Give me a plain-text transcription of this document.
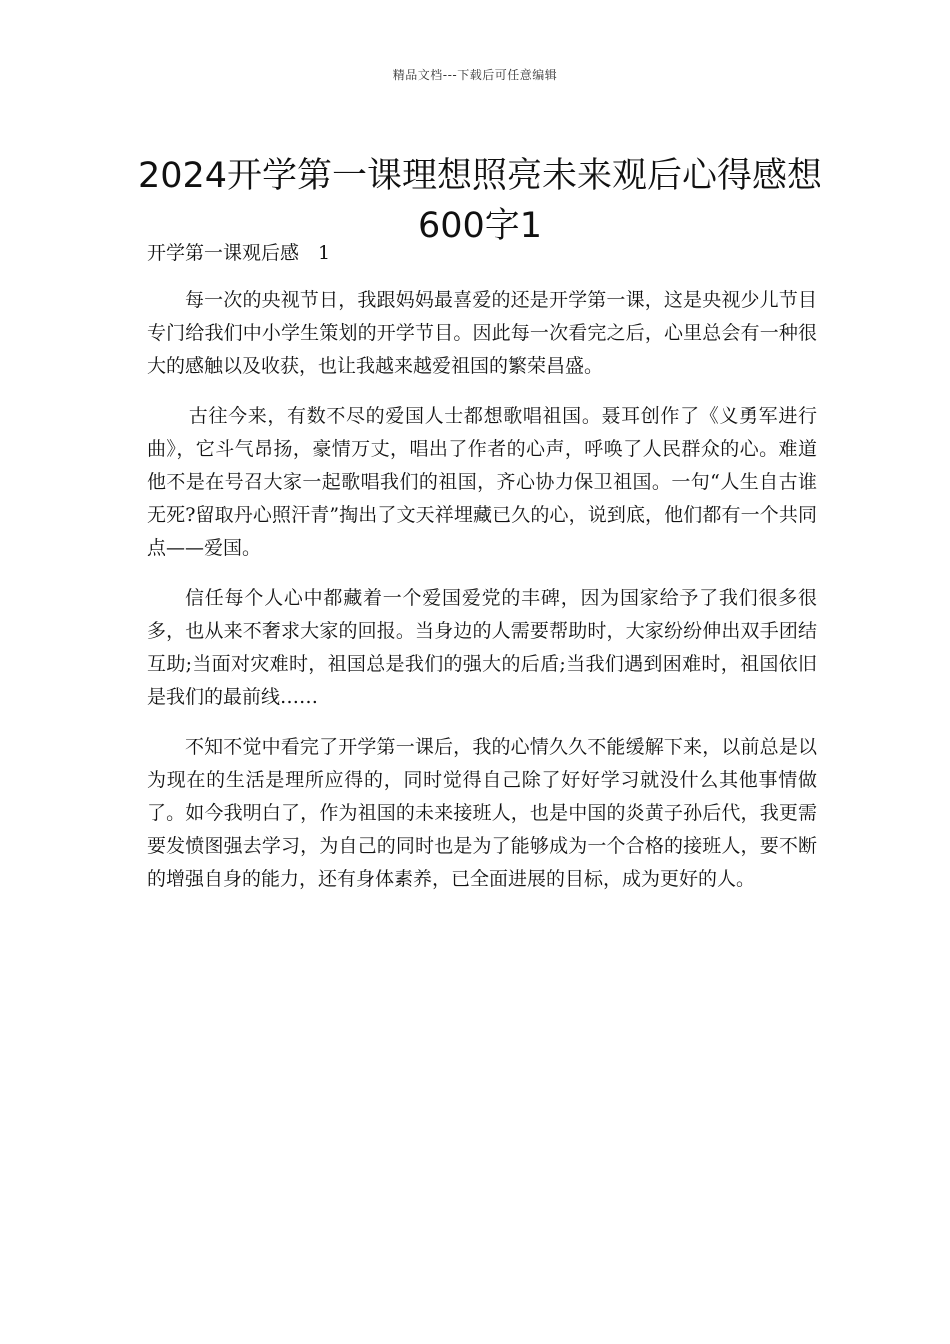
精品文档---下载后可任意编辑
2024开学第一课理想照亮未来观后心得感想600字1
开学第一课观后感　1

每一次的央视节日，我跟妈妈最喜爱的还是开学第一课，这是央视少儿节目专门给我们中小学生策划的开学节目。因此每一次看完之后，心里总会有一种很大的感触以及收获，也让我越来越爱祖国的繁荣昌盛。

古往今来，有数不尽的爱国人士都想歌唱祖国。聂耳创作了《义勇军进行曲》，它斗气昂扬，豪情万丈，唱出了作者的心声，呼唤了人民群众的心。难道他不是在号召大家一起歌唱我们的祖国，齐心协力保卫祖国。一句“人生自古谁无死?留取丹心照汗青”掏出了文天祥埋藏已久的心，说到底，他们都有一个共同点——爱国。

信任每个人心中都藏着一个爱国爱党的丰碑，因为国家给予了我们很多很多，也从来不奢求大家的回报。当身边的人需要帮助时，大家纷纷伸出双手团结互助;当面对灾难时，祖国总是我们的强大的后盾;当我们遇到困难时，祖国依旧是我们的最前线……

不知不觉中看完了开学第一课后，我的心情久久不能缓解下来，以前总是以为现在的生活是理所应得的，同时觉得自己除了好好学习就没什么其他事情做了。如今我明白了，作为祖国的未来接班人，也是中国的炎黄子孙后代，我更需要发愤图强去学习，为自己的同时也是为了能够成为一个合格的接班人，要不断的增强自身的能力，还有身体素养，已全面进展的目标，成为更好的人。
